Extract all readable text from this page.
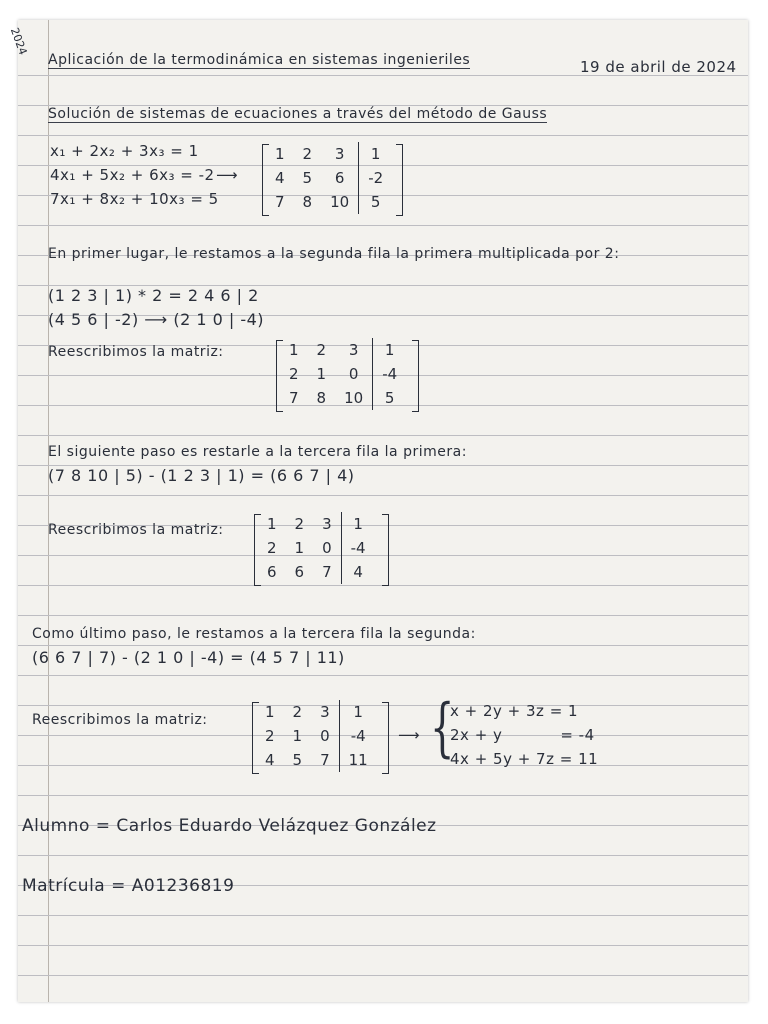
2024
Aplicación de la termodinámica en sistemas ingenieriles	19 de abril de 2024
Solución de sistemas de ecuaciones a través del método de Gauss
x₁ + 2x₂ + 3x₃ = 1
4x₁ + 5x₂ + 6x₃ = -2
7x₁ + 8x₂ + 10x₃ = 5
⟶
1	2	3	1
4	5	6	-2
7	8	10	5
En primer lugar, le restamos a la segunda fila la primera multiplicada por 2:
(1 2 3 | 1) * 2 = 2 4 6 | 2
(4 5 6 | -2) ⟶ (2 1 0 | -4)
Reescribimos la matriz:	1	2	3	1
2	1	0	-4
7	8	10	5
El siguiente paso es restarle a la tercera fila la primera:
(7 8 10 | 5) - (1 2 3 | 1) = (6 6 7 | 4)
Reescribimos la matriz:	1	2	3	1
2	1	0	-4
6	6	7	4
Como último paso, le restamos a la tercera fila la segunda:
(6 6 7 | 7) - (2 1 0 | -4) = (4 5 7 | 11)
Reescribimos la matriz:	1	2	3	1
2	1	0	-4
4	5	7	11
⟶ {
x + 2y + 3z = 1
2x + y           = -4
4x + 5y + 7z = 11
Alumno = Carlos Eduardo Velázquez González
Matrícula = A01236819
